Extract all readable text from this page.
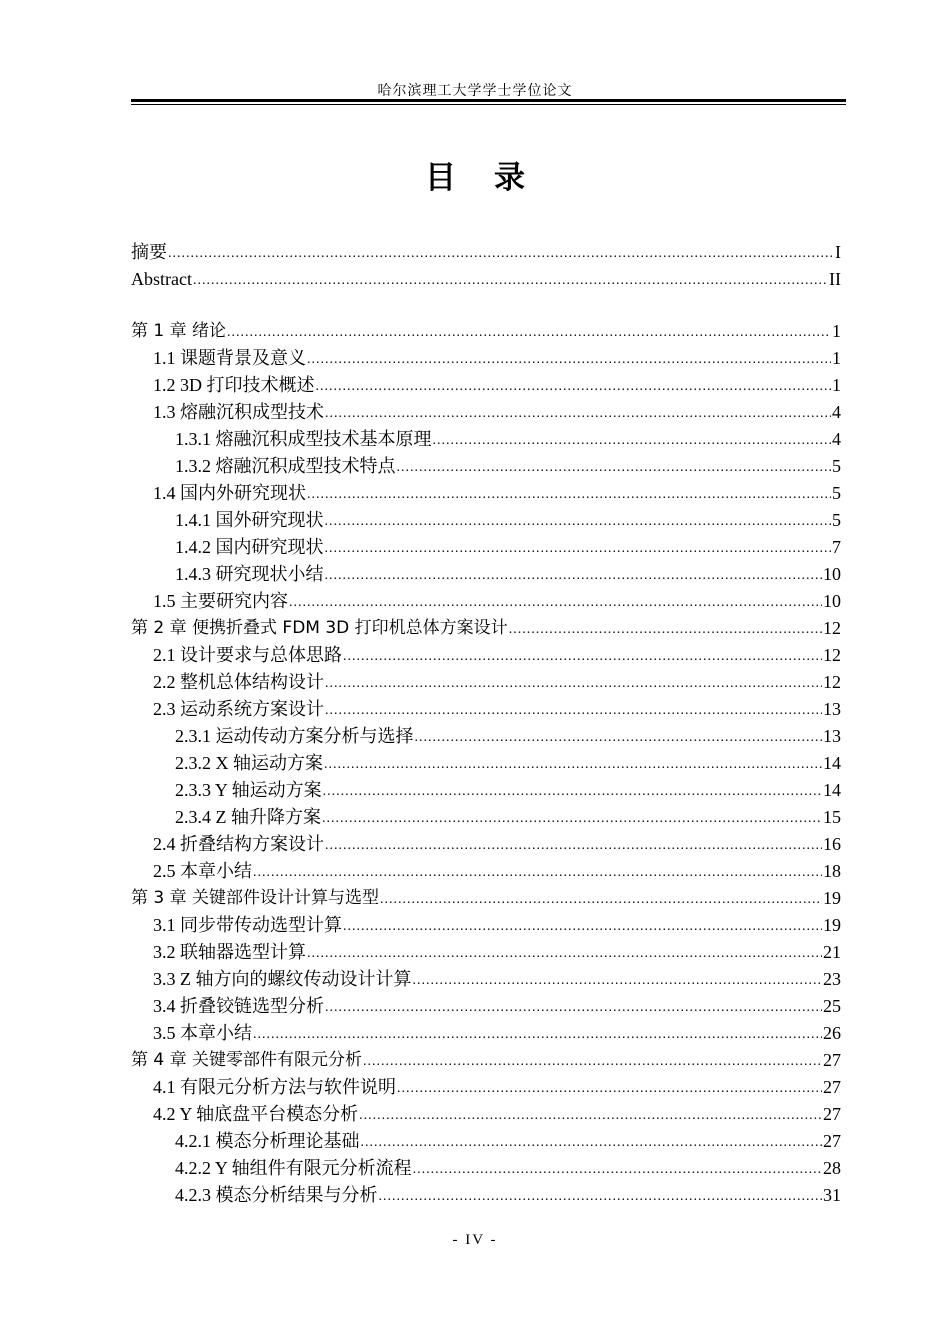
哈尔滨理工大学学士学位论文
目录
摘要 .....	I
Abstract .....	II
第 1 章 绪论 .....	1
1.1 课题背景及意义 .....	1
1.2 3D 打印技术概述 .....	1
1.3 熔融沉积成型技术 .....	4
1.3.1 熔融沉积成型技术基本原理 .....	4
1.3.2 熔融沉积成型技术特点 .....	5
1.4 国内外研究现状 .....	5
1.4.1 国外研究现状 .....	5
1.4.2 国内研究现状 .....	7
1.4.3 研究现状小结 .....	10
1.5 主要研究内容 .....	10
第 2 章 便携折叠式 FDM 3D 打印机总体方案设计 .....	12
2.1 设计要求与总体思路 .....	12
2.2 整机总体结构设计 .....	12
2.3 运动系统方案设计 .....	13
2.3.1 运动传动方案分析与选择 .....	13
2.3.2 X 轴运动方案 .....	14
2.3.3 Y 轴运动方案 .....	14
2.3.4 Z 轴升降方案 .....	15
2.4 折叠结构方案设计 .....	16
2.5 本章小结 .....	18
第 3 章 关键部件设计计算与选型 .....	19
3.1 同步带传动选型计算 .....	19
3.2 联轴器选型计算 .....	21
3.3 Z 轴方向的螺纹传动设计计算 .....	23
3.4 折叠铰链选型分析 .....	25
3.5 本章小结 .....	26
第 4 章 关键零部件有限元分析 .....	27
4.1 有限元分析方法与软件说明 .....	27
4.2 Y 轴底盘平台模态分析 .....	27
4.2.1 模态分析理论基础 .....	27
4.2.2 Y 轴组件有限元分析流程 .....	28
4.2.3 模态分析结果与分析 .....	31
- IV -
